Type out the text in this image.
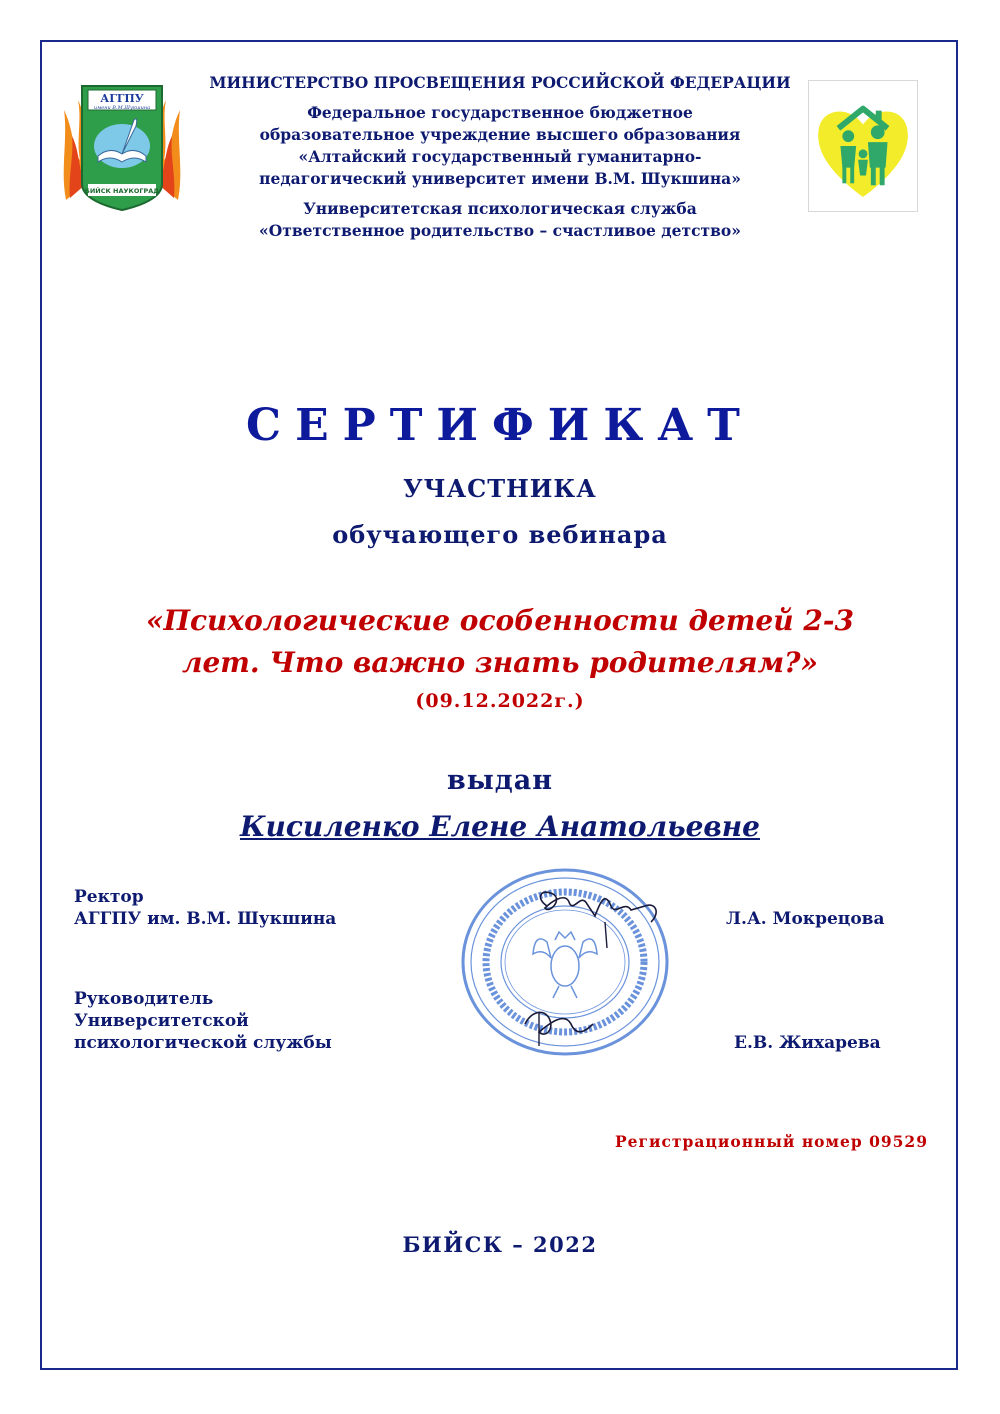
АГГПУ
имени В.М.Шукшина
БИЙСК НАУКОГРАД
МИНИСТЕРСТВО ПРОСВЕЩЕНИЯ РОССИЙСКОЙ ФЕДЕРАЦИИ
Федеральное государственное бюджетное
образовательное учреждение высшего образования
«Алтайский государственный гуманитарно-
педагогический университет имени В.М. Шукшина»
Университетская психологическая служба
«Ответственное родительство – счастливое детство»
СЕРТИФИКАТ
УЧАСТНИКА
обучающего вебинара
«Психологические особенности детей 2-3
лет. Что важно знать родителям?»
(09.12.2022г.)
выдан
Кисиленко Елене Анатольевне
Ректор
АГГПУ им. В.М. Шукшина	Л.А. Мокрецова
Руководитель
Университетской
психологической службы	Е.В. Жихарева
Регистрационный номер 09529
БИЙСК – 2022
